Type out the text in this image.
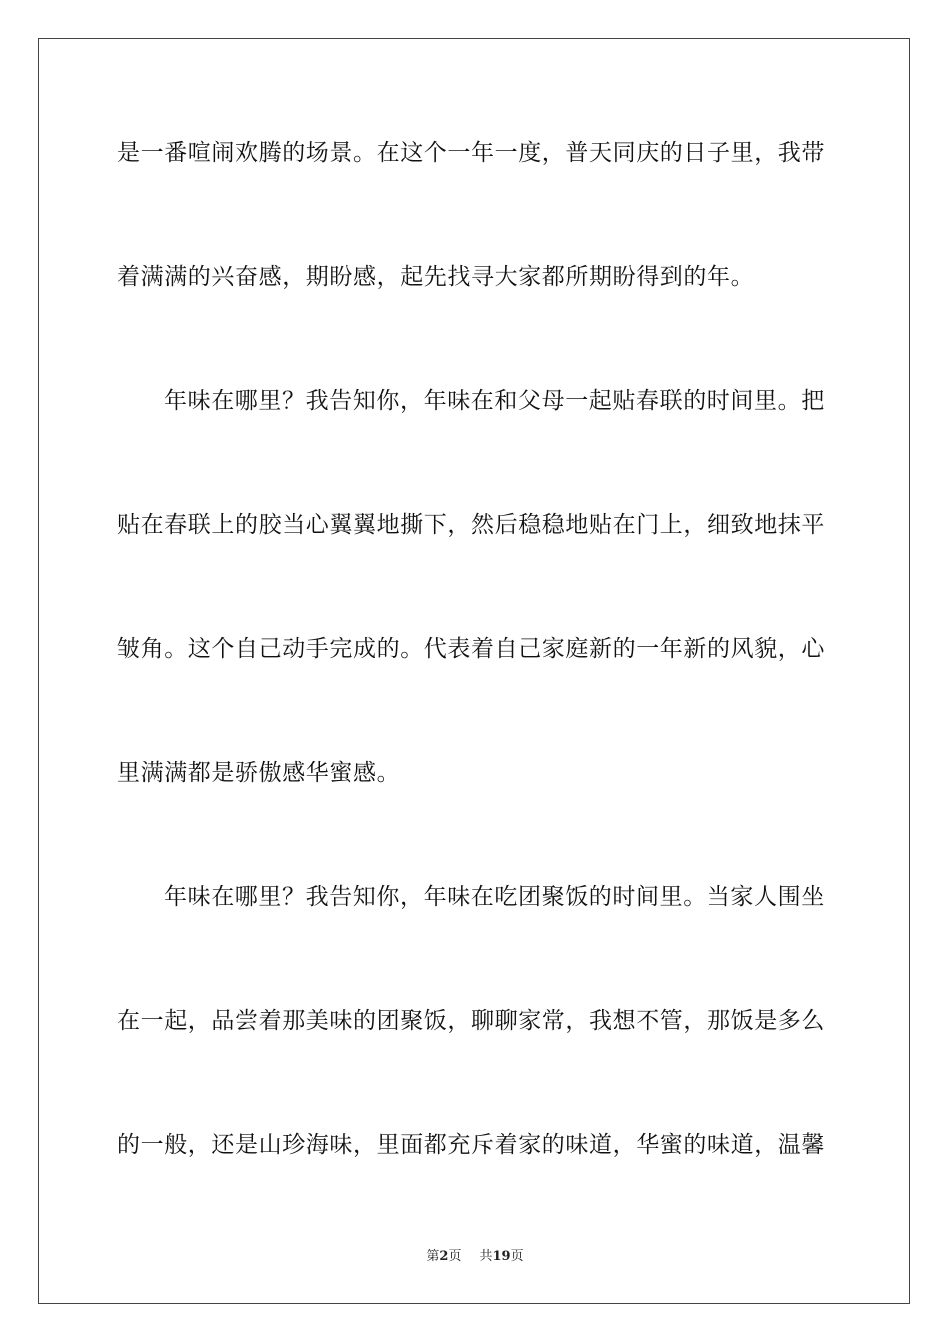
是一番喧闹欢腾的场景。在这个一年一度，普天同庆的日子里，我带
着满满的兴奋感，期盼感，起先找寻大家都所期盼得到的年。
年味在哪里？我告知你，年味在和父母一起贴春联的时间里。把
贴在春联上的胶当心翼翼地撕下，然后稳稳地贴在门上，细致地抹平
皱角。这个自己动手完成的。代表着自己家庭新的一年新的风貌，心
里满满都是骄傲感华蜜感。
年味在哪里？我告知你，年味在吃团聚饭的时间里。当家人围坐
在一起，品尝着那美味的团聚饭，聊聊家常，我想不管，那饭是多么
的一般，还是山珍海味，里面都充斥着家的味道，华蜜的味道，温馨
第2页 共19页
